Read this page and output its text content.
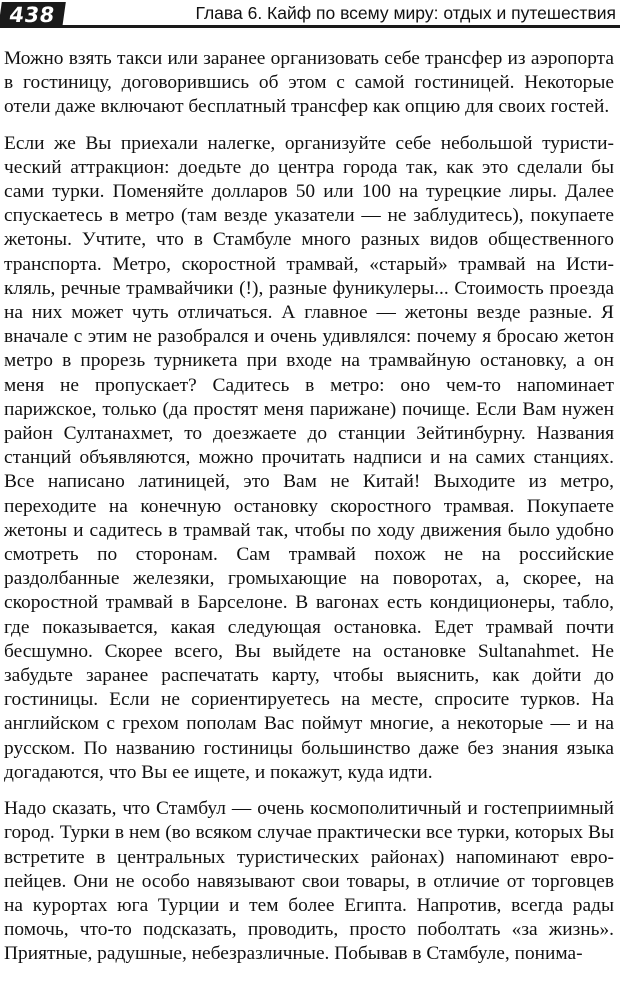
438	Глава 6. Кайф по всему миру: отдых и путешествия

Можно взять такси или заранее организовать себе трансфер из аэропорта в гостиницу, договорившись об этом с самой гостиницей. Некоторые отели даже включают бесплатный трансфер как опцию для своих гостей.

Если же Вы приехали налегке, организуйте себе небольшой туристический аттракцион: доедьте до центра города так, как это сделали бы сами турки. Поменяйте долларов 50 или 100 на турецкие лиры. Далее спускаетесь в метро (там везде указатели — не заблудитесь), покупаете жетоны. Учтите, что в Стамбуле много разных видов общественного транспорта. Метро, скоростной трамвай, «старый» трамвай на Истикляль, речные трамвайчики (!), разные фуникулеры... Стоимость проезда на них может чуть отличаться. А главное — жетоны везде разные. Я вначале с этим не разобрался и очень удивлялся: почему я бросаю жетон метро в прорезь турникета при входе на трамвайную остановку, а он меня не пропускает? Садитесь в метро: оно чем-то напоминает парижское, только (да простят меня парижане) почище. Если Вам нужен район Султанахмет, то доезжаете до станции Зейтинбурну. Названия станций объявляются, можно прочитать надписи и на самих станциях. Все написано латиницей, это Вам не Китай! Выходите из метро, переходите на конечную остановку скоростного трамвая. Покупаете жетоны и садитесь в трамвай так, чтобы по ходу движения было удобно смотреть по сторонам. Сам трамвай похож не на российские раздолбанные железяки, громыхающие на поворотах, а, скорее, на скоростной трамвай в Барселоне. В вагонах есть кондиционеры, табло, где показывается, какая следующая остановка. Едет трамвай почти бесшумно. Скорее всего, Вы выйдете на остановке Sultanahmet. Не забудьте заранее распечатать карту, чтобы выяснить, как дойти до гостиницы. Если не сориентируетесь на месте, спросите турков. На английском с грехом пополам Вас поймут многие, а некоторые — и на русском. По названию гостиницы большинство даже без знания языка догадаются, что Вы ее ищете, и покажут, куда идти.

Надо сказать, что Стамбул — очень космополитичный и гостеприимный город. Турки в нем (во всяком случае практически все турки, которых Вы встретите в центральных туристических районах) напоминают европейцев. Они не особо навязывают свои товары, в отличие от торговцев на курортах юга Турции и тем более Египта. Напротив, всегда рады помочь, что-то подсказать, проводить, просто поболтать «за жизнь». Приятные, радушные, небезразличные. Побывав в Стамбуле, понима-
